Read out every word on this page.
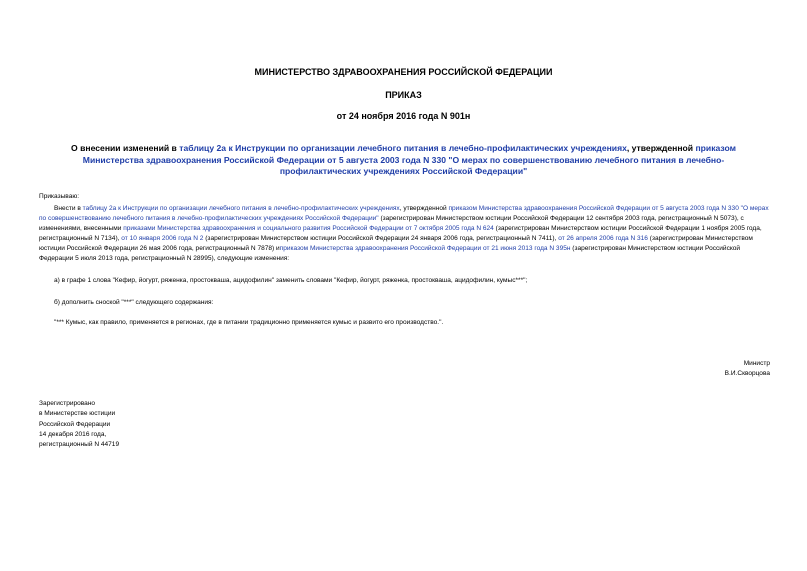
МИНИСТЕРСТВО ЗДРАВООХРАНЕНИЯ РОССИЙСКОЙ ФЕДЕРАЦИИ
ПРИКАЗ
от 24 ноября 2016 года N 901н
О внесении изменений в таблицу 2а к Инструкции по организации лечебного питания в лечебно-профилактических учреждениях, утвержденной приказом Министерства здравоохранения Российской Федерации от 5 августа 2003 года N 330 "О мерах по совершенствованию лечебного питания в лечебно-профилактических учреждениях Российской Федерации"
Приказываю:

Внести в таблицу 2а к Инструкции по организации лечебного питания в лечебно-профилактических учреждениях, утвержденной приказом Министерства здравоохранения Российской Федерации от 5 августа 2003 года N 330 "О мерах по совершенствованию лечебного питания в лечебно-профилактических учреждениях Российской Федерации" (зарегистрирован Министерством юстиции Российской Федерации 12 сентября 2003 года, регистрационный N 5073), с изменениями, внесенными приказами Министерства здравоохранения и социального развития Российской Федерации от 7 октября 2005 года N 624 (зарегистрирован Министерством юстиции Российской Федерации 1 ноября 2005 года, регистрационный N 7134), от 10 января 2006 года N 2 (зарегистрирован Министерством юстиции Российской Федерации 24 января 2006 года, регистрационный N 7411), от 26 апреля 2006 года N 316 (зарегистрирован Министерством юстиции Российской Федерации 26 мая 2006 года, регистрационный N 7878) иприказом Министерства здравоохранения Российской Федерации от 21 июня 2013 года N 395н (зарегистрирован Министерством юстиции Российской Федерации 5 июля 2013 года, регистрационный N 28995), следующие изменения:

а) в графе 1 слова "Кефир, йогурт, ряженка, простокваша, ацидофилин" заменить словами "Кефир, йогурт, ряженка, простокваша, ацидофилин, кумыс***";

б) дополнить сноской "***" следующего содержания:

"*** Кумыс, как правило, применяется в регионах, где в питании традиционно применяется кумыс и развито его производство.".

Министр
В.И.Скворцова
Зарегистрировано
в Министерстве юстиции
Российской Федерации
14 декабря 2016 года,
регистрационный N 44719
